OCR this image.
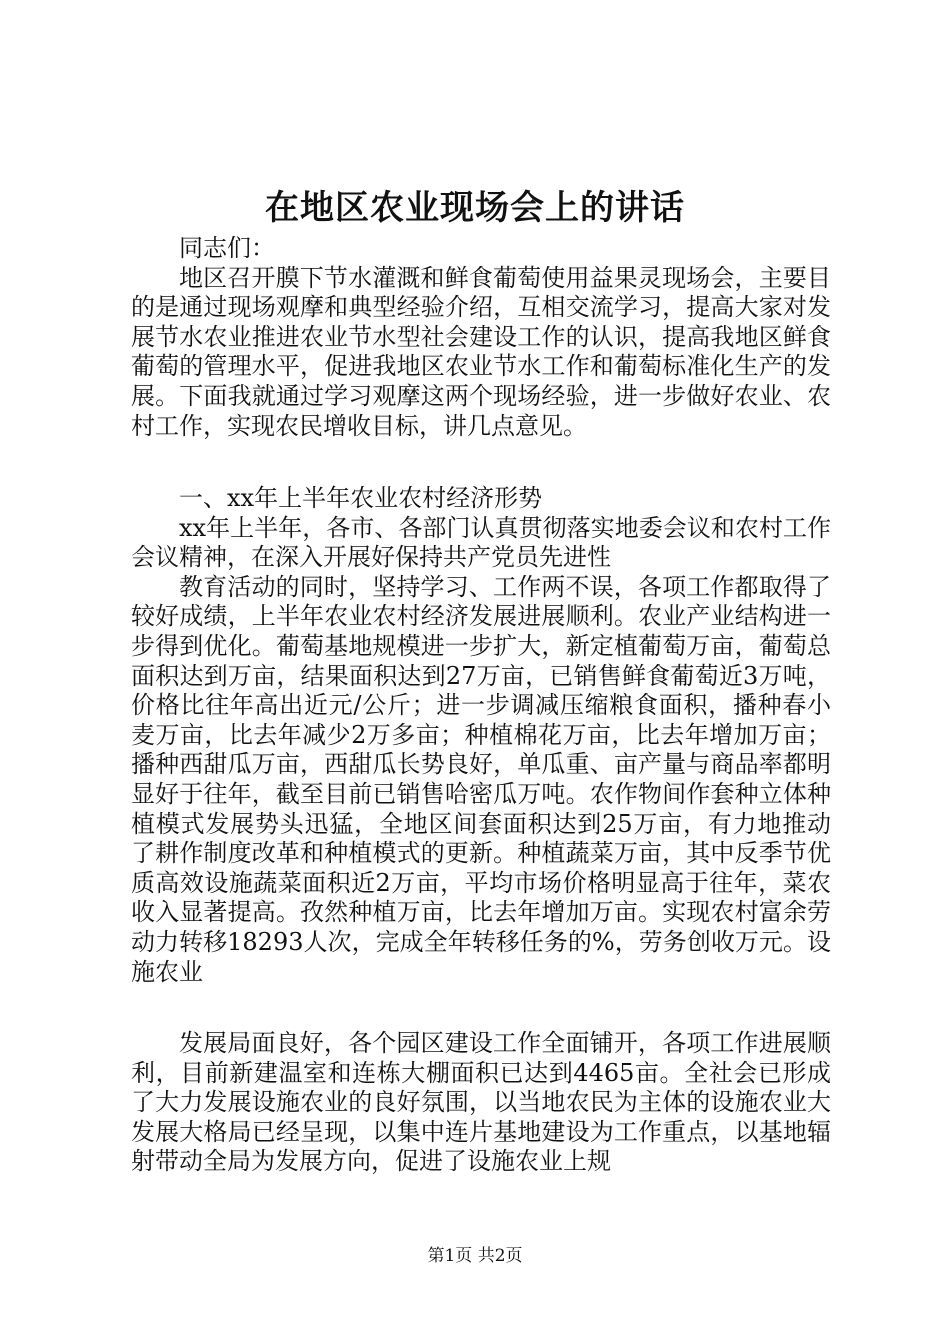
在地区农业现场会上的讲话

同志们：

地区召开膜下节水灌溉和鲜食葡萄使用益果灵现场会，主要目的是通过现场观摩和典型经验介绍，互相交流学习，提高大家对发展节水农业推进农业节水型社会建设工作的认识，提高我地区鲜食葡萄的管理水平，促进我地区农业节水工作和葡萄标准化生产的发展。下面我就通过学习观摩这两个现场经验，进一步做好农业、农村工作，实现农民增收目标，讲几点意见。

一、xx年上半年农业农村经济形势

xx年上半年，各市、各部门认真贯彻落实地委会议和农村工作会议精神，在深入开展好保持共产党员先进性

教育活动的同时，坚持学习、工作两不误，各项工作都取得了较好成绩，上半年农业农村经济发展进展顺利。农业产业结构进一步得到优化。葡萄基地规模进一步扩大，新定植葡萄万亩，葡萄总面积达到万亩，结果面积达到27万亩，已销售鲜食葡萄近3万吨，价格比往年高出近元/公斤；进一步调减压缩粮食面积，播种春小麦万亩，比去年减少2万多亩；种植棉花万亩，比去年增加万亩；播种西甜瓜万亩，西甜瓜长势良好，单瓜重、亩产量与商品率都明显好于往年，截至目前已销售哈密瓜万吨。农作物间作套种立体种植模式发展势头迅猛，全地区间套面积达到25万亩，有力地推动了耕作制度改革和种植模式的更新。种植蔬菜万亩，其中反季节优质高效设施蔬菜面积近2万亩，平均市场价格明显高于往年，菜农收入显著提高。孜然种植万亩，比去年增加万亩。实现农村富余劳动力转移18293人次，完成全年转移任务的%，劳务创收万元。设施农业

发展局面良好，各个园区建设工作全面铺开，各项工作进展顺利，目前新建温室和连栋大棚面积已达到4465亩。全社会已形成了大力发展设施农业的良好氛围，以当地农民为主体的设施农业大发展大格局已经呈现，以集中连片基地建设为工作重点，以基地辐射带动全局为发展方向，促进了设施农业上规

第1页 共2页
